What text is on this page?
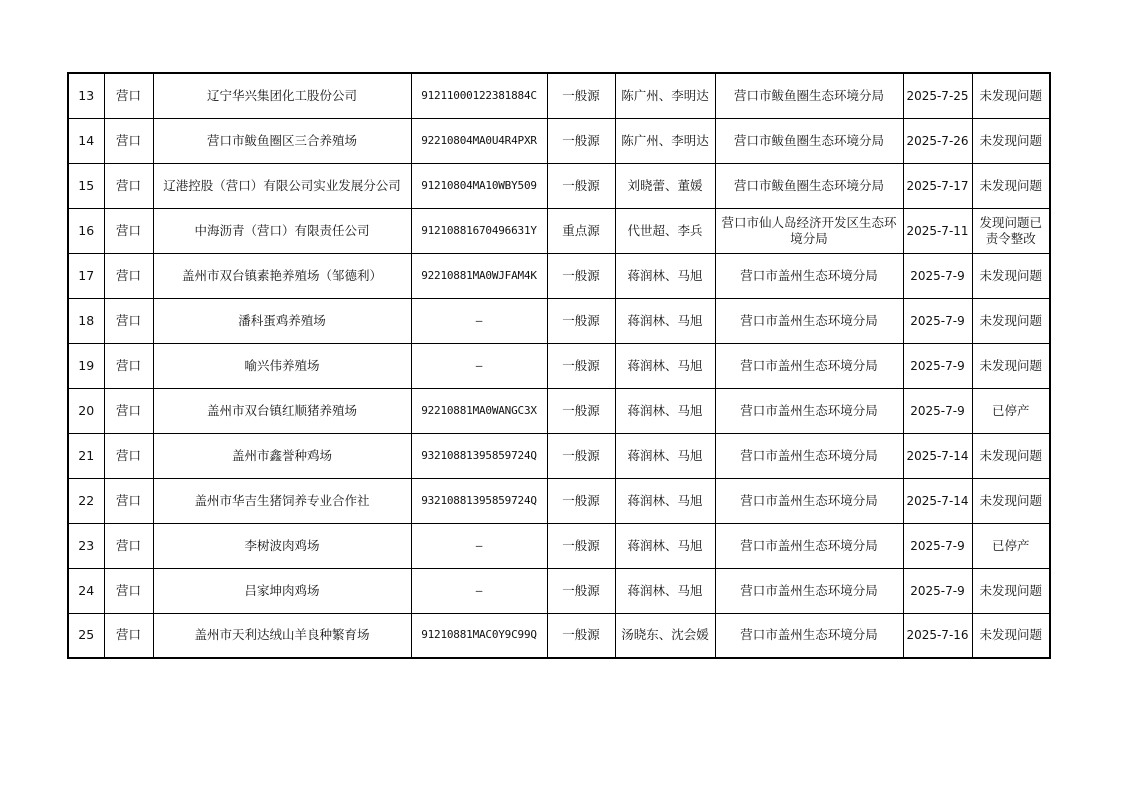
13	营口	辽宁华兴集团化工股份公司	91211000122381884C	一般源	陈广州、李明达	营口市鲅鱼圈生态环境分局	2025-7-25	未发现问题
14	营口	营口市鲅鱼圈区三合养殖场	92210804MA0U4R4PXR	一般源	陈广州、李明达	营口市鲅鱼圈生态环境分局	2025-7-26	未发现问题
15	营口	辽港控股（营口）有限公司实业发展分公司	91210804MA10WBY509	一般源	刘晓蕾、董媛	营口市鲅鱼圈生态环境分局	2025-7-17	未发现问题
16	营口	中海沥青（营口）有限责任公司	91210881670496631Y	重点源	代世超、李兵	营口市仙人岛经济开发区生态环境分局	2025-7-11	发现问题已责令整改
17	营口	盖州市双台镇素艳养殖场（邹德利）	92210881MA0WJFAM4K	一般源	蒋润林、马旭	营口市盖州生态环境分局	2025-7-9	未发现问题
18	营口	潘科蛋鸡养殖场	—	一般源	蒋润林、马旭	营口市盖州生态环境分局	2025-7-9	未发现问题
19	营口	喻兴伟养殖场	—	一般源	蒋润林、马旭	营口市盖州生态环境分局	2025-7-9	未发现问题
20	营口	盖州市双台镇红顺猪养殖场	92210881MA0WANGC3X	一般源	蒋润林、马旭	营口市盖州生态环境分局	2025-7-9	已停产
21	营口	盖州市鑫誉种鸡场	93210881395859724Q	一般源	蒋润林、马旭	营口市盖州生态环境分局	2025-7-14	未发现问题
22	营口	盖州市华吉生猪饲养专业合作社	93210881395859724Q	一般源	蒋润林、马旭	营口市盖州生态环境分局	2025-7-14	未发现问题
23	营口	李树波肉鸡场	—	一般源	蒋润林、马旭	营口市盖州生态环境分局	2025-7-9	已停产
24	营口	吕家坤肉鸡场	—	一般源	蒋润林、马旭	营口市盖州生态环境分局	2025-7-9	未发现问题
25	营口	盖州市天利达绒山羊良种繁育场	91210881MAC0Y9C99Q	一般源	汤晓东、沈会媛	营口市盖州生态环境分局	2025-7-16	未发现问题
